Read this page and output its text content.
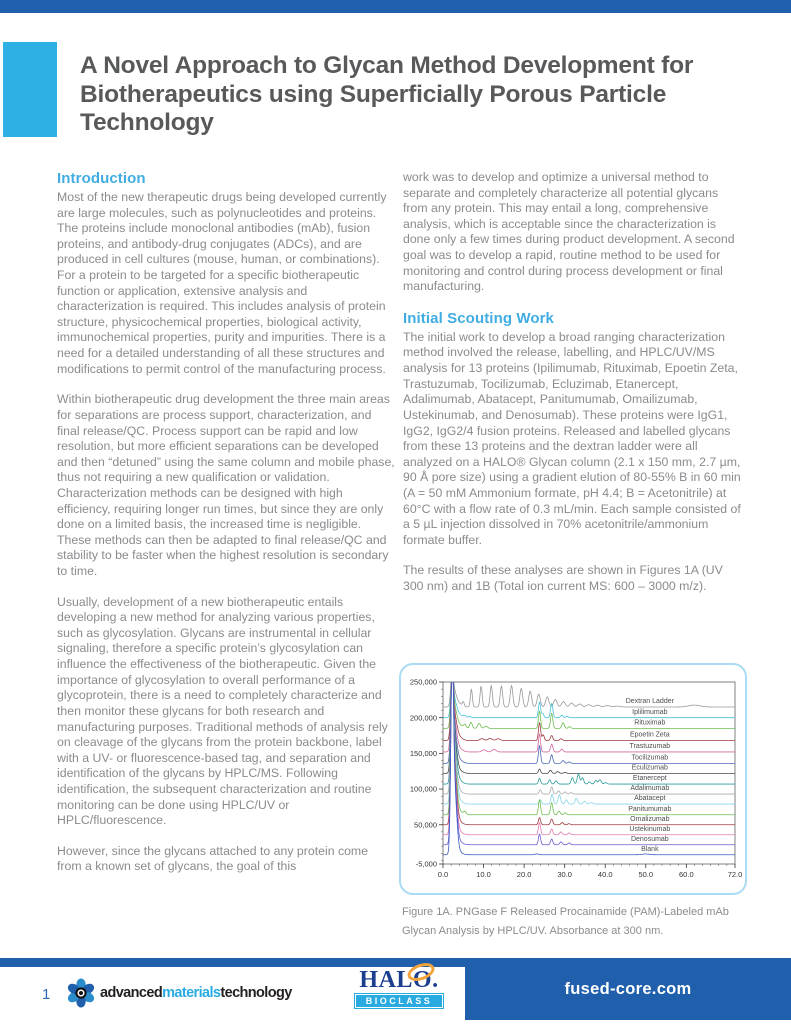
A Novel Approach to Glycan Method Development for Biotherapeutics using Superficially Porous Particle Technology
Introduction

Most of the new therapeutic drugs being developed currently are large molecules, such as polynucleotides and proteins. The proteins include monoclonal antibodies (mAb), fusion proteins, and antibody-drug conjugates (ADCs), and are produced in cell cultures (mouse, human, or combinations). For a protein to be targeted for a specific biotherapeutic function or application, extensive analysis and characterization is required. This includes analysis of protein structure, physicochemical properties, biological activity, immunochemical properties, purity and impurities. There is a need for a detailed understanding of all these structures and modifications to permit control of the manufacturing process.

Within biotherapeutic drug development the three main areas for separations are process support, characterization, and final release/QC. Process support can be rapid and low resolution, but more efficient separations can be developed and then “detuned” using the same column and mobile phase, thus not requiring a new qualification or validation. Characterization methods can be designed with high efficiency, requiring longer run times, but since they are only done on a limited basis, the increased time is negligible. These methods can then be adapted to final release/QC and stability to be faster when the highest resolution is secondary to time.

Usually, development of a new biotherapeutic entails developing a new method for analyzing various properties, such as glycosylation. Glycans are instrumental in cellular signaling, therefore a specific protein’s glycosylation can influence the effectiveness of the biotherapeutic. Given the importance of glycosylation to overall performance of a glycoprotein, there is a need to completely characterize and then monitor these glycans for both research and manufacturing purposes. Traditional methods of analysis rely on cleavage of the glycans from the protein backbone, label with a UV- or fluorescence-based tag, and separation and identification of the glycans by HPLC/MS. Following identification, the subsequent characterization and routine monitoring can be done using HPLC/UV or HPLC/fluorescence.

However, since the glycans attached to any protein come from a known set of glycans, the goal of this

work was to develop and optimize a universal method to separate and completely characterize all potential glycans from any protein. This may entail a long, comprehensive analysis, which is acceptable since the characterization is done only a few times during product development. A second goal was to develop a rapid, routine method to be used for monitoring and control during process development or final manufacturing.

Initial Scouting Work

The initial work to develop a broad ranging characterization method involved the release, labelling, and HPLC/UV/MS analysis for 13 proteins (Ipilimumab, Rituximab, Epoetin Zeta, Trastuzumab, Tocilizumab, Ecluzimab, Etanercept, Adalimumab, Abatacept, Panitumumab, Omailizumab, Ustekinumab, and Denosumab). These proteins were IgG1, IgG2, IgG2/4 fusion proteins. Released and labelled glycans from these 13 proteins and the dextran ladder were all analyzed on a HALO® Glycan column (2.1 x 150 mm, 2.7 µm, 90 Å pore size) using a gradient elution of 80-55% B in 60 min (A = 50 mM Ammonium formate, pH 4.4; B = Acetonitrile) at 60°C with a flow rate of 0.3 mL/min. Each sample consisted of a 5 µL injection dissolved in 70% acetonitrile/ammonium formate buffer.

The results of these analyses are shown in Figures 1A (UV 300 nm) and 1B (Total ion current MS: 600 – 3000 m/z).

0.0	10.0	20.0	30.0	40.0	50.0	60.0	72.0
250,000
200,000
150,000
100,000
50,000
-5,000
Dextran Ladder
Iplilimumab
Rituximab
Epoetin Zeta
Trastuzumab
Tocilizumab
Eculizumab
Etanercept
Adalimumab
Abatacept
Panitumumab
Omalizumab
Ustekinumab
Denosumab
Blank

Figure 1A. PNGase F Released Procainamide (PAM)-Labeled mAb Glycan Analysis by HPLC/UV. Absorbance at 300 nm.

fused-core.com
1	advancedmaterialstechnology	HALO.
BIOCLASS
